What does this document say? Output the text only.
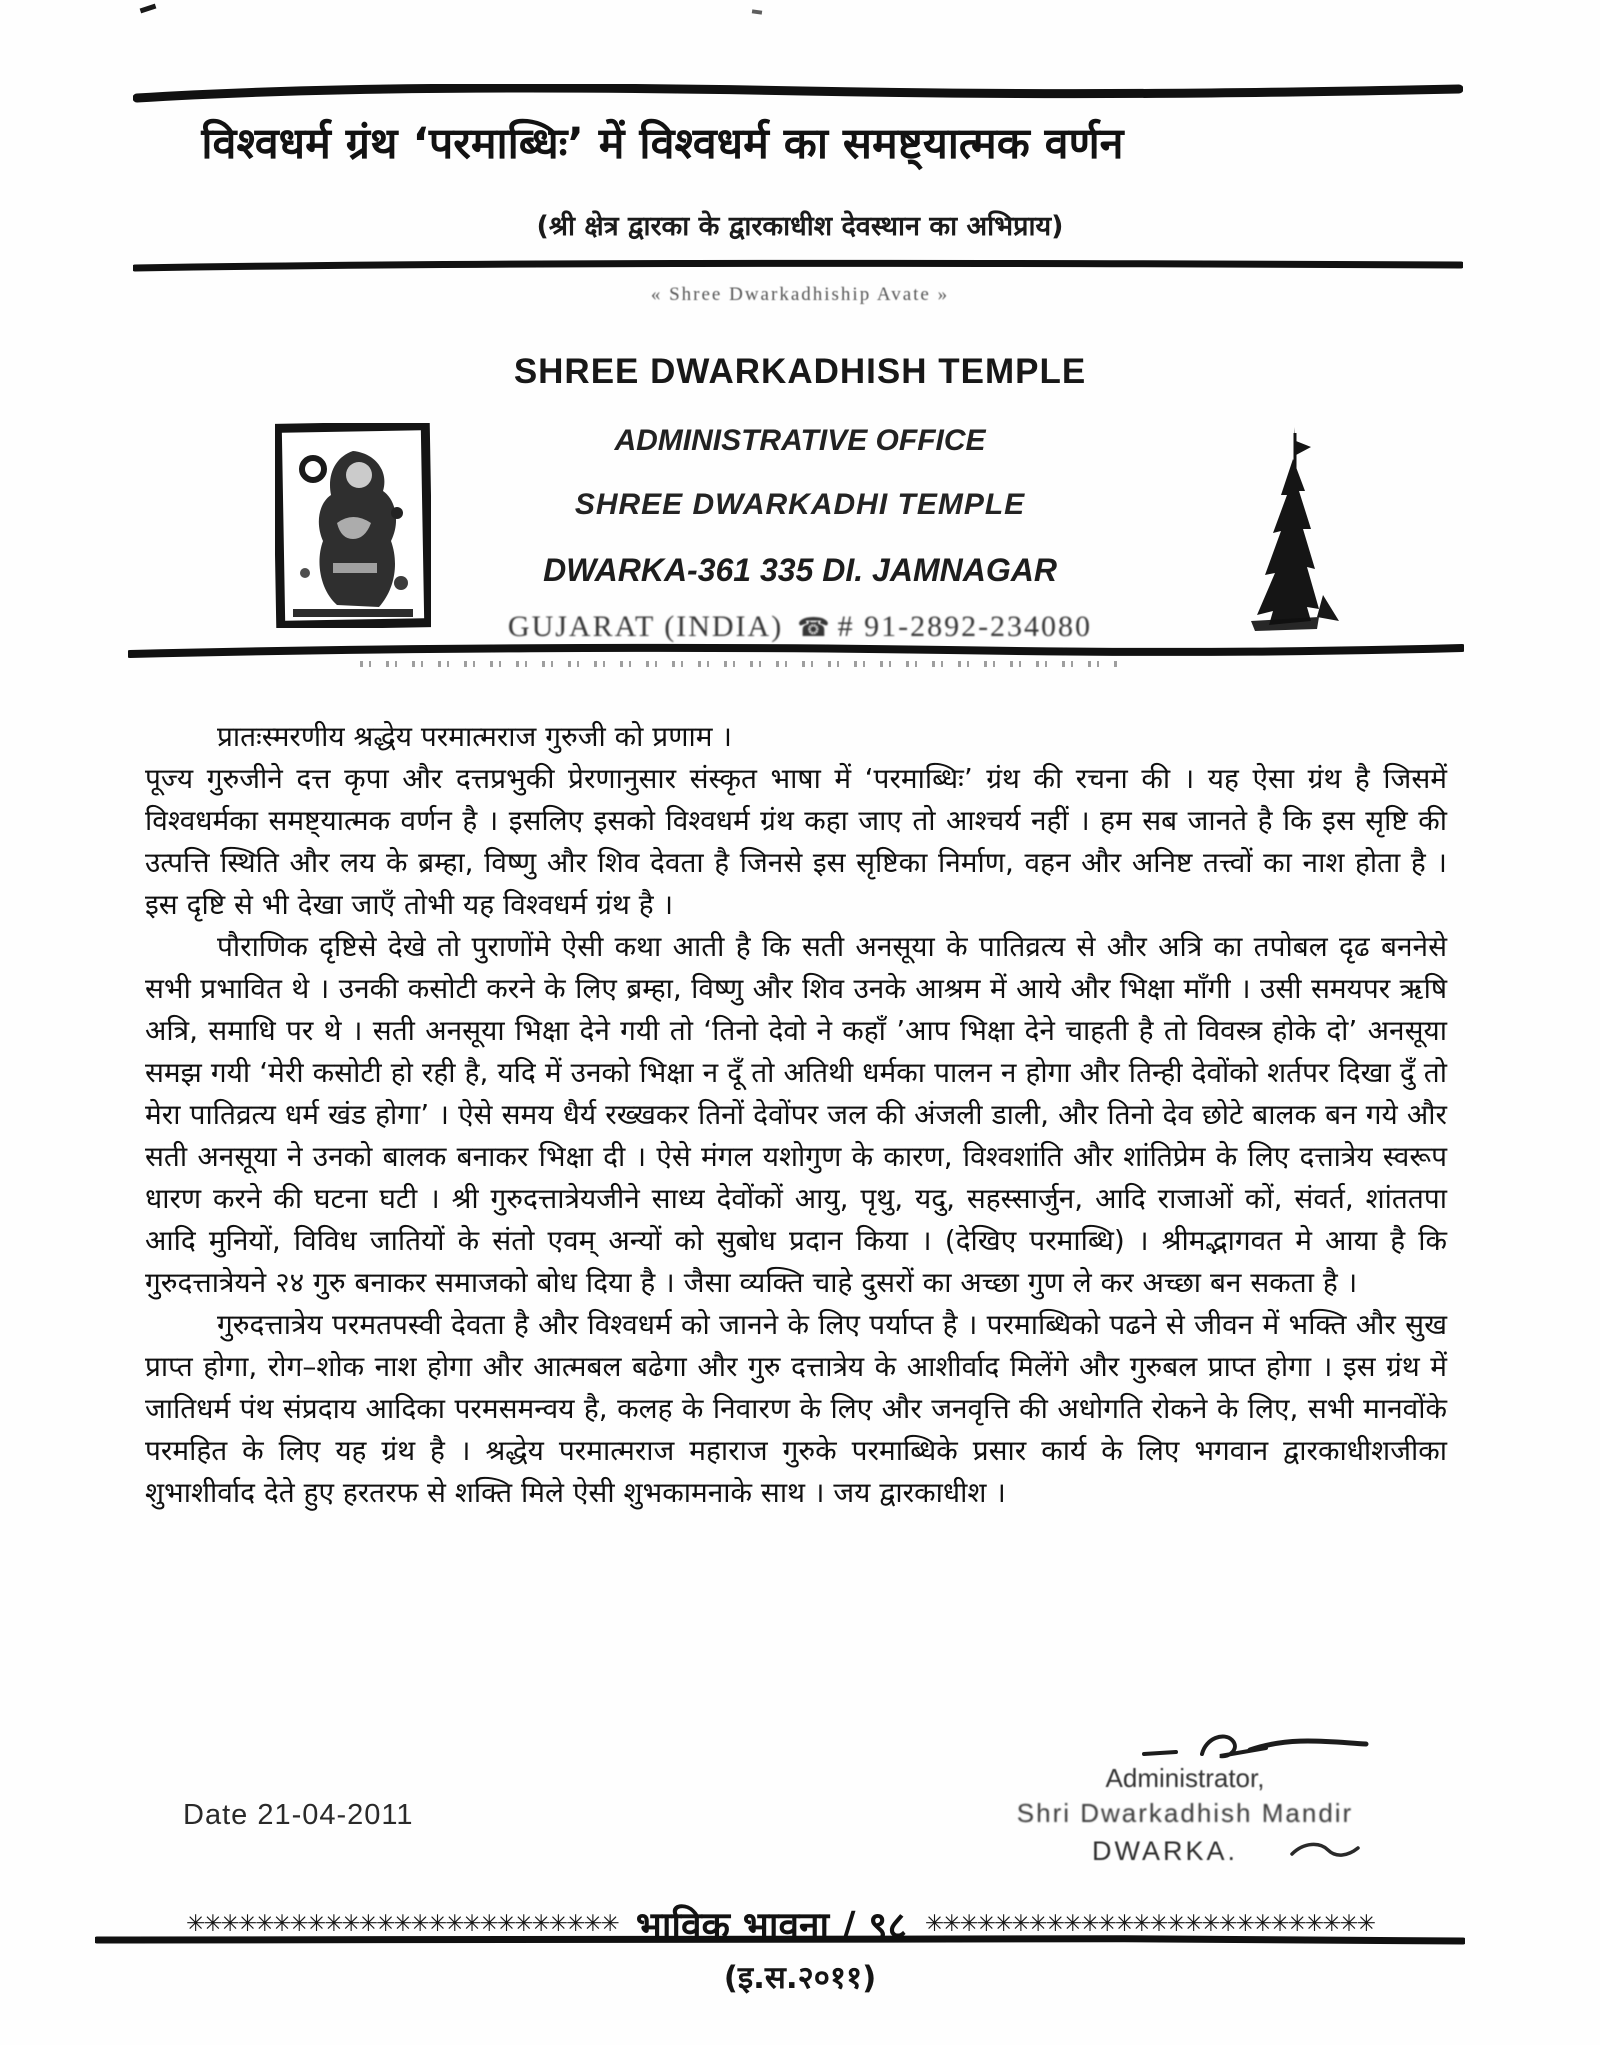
विश्वधर्म ग्रंथ ‘परमाब्धिः’ में विश्वधर्म का समष्ट्यात्मक वर्णन
(श्री क्षेत्र द्वारका के द्वारकाधीश देवस्थान का अभिप्राय)
« Shree Dwarkadhiship Avate »
SHREE DWARKADHISH TEMPLE
ADMINISTRATIVE OFFICE
SHREE DWARKADHI TEMPLE
DWARKA-361 335 DI. JAMNAGAR
GUJARAT (INDIA) ☎ # 91-2892-234080

प्रातःस्मरणीय श्रद्धेय परमात्मराज गुरुजी को प्रणाम ।

पूज्य गुरुजीने दत्त कृपा और दत्तप्रभुकी प्रेरणानुसार संस्कृत भाषा में ‘परमाब्धिः’ ग्रंथ की रचना की । यह ऐसा ग्रंथ है जिसमें विश्वधर्मका समष्ट्यात्मक वर्णन है । इसलिए इसको विश्वधर्म ग्रंथ कहा जाए तो आश्चर्य नहीं । हम सब जानते है कि इस सृष्टि की उत्पत्ति स्थिति और लय के ब्रम्हा, विष्णु और शिव देवता है जिनसे इस सृष्टिका निर्माण, वहन और अनिष्ट तत्त्वों का नाश होता है । इस दृष्टि से भी देखा जाएँ तोभी यह विश्वधर्म ग्रंथ है ।

पौराणिक दृष्टिसे देखे तो पुराणोंमे ऐसी कथा आती है कि सती अनसूया के पातिव्रत्य से और अत्रि का तपोबल दृढ बननेसे सभी प्रभावित थे । उनकी कसोटी करने के लिए ब्रम्हा, विष्णु और शिव उनके आश्रम में आये और भिक्षा माँगी । उसी समयपर ऋषि अत्रि, समाधि पर थे । सती अनसूया भिक्षा देने गयी तो ‘तिनो देवो ने कहाँ ’आप भिक्षा देने चाहती है तो विवस्त्र होके दो’ अनसूया समझ गयी ‘मेरी कसोटी हो रही है, यदि में उनको भिक्षा न दूँ तो अतिथी धर्मका पालन न होगा और तिन्ही देवोंको शर्तपर दिखा दुँ तो मेरा पातिव्रत्य धर्म खंड होगा’ । ऐसे समय धैर्य रख्खकर तिनों देवोंपर जल की अंजली डाली, और तिनो देव छोटे बालक बन गये और सती अनसूया ने उनको बालक बनाकर भिक्षा दी । ऐसे मंगल यशोगुण के कारण, विश्वशांति और शांतिप्रेम के लिए दत्तात्रेय स्वरूप धारण करने की घटना घटी । श्री गुरुदत्तात्रेयजीने साध्य देवोंकों आयु, पृथु, यदु, सहस्सार्जुन, आदि राजाओं कों, संवर्त, शांततपा आदि मुनियों, विविध जातियों के संतो एवम् अन्यों को सुबोध प्रदान किया । (देखिए परमाब्धि) । श्रीमद्भागवत मे आया है कि गुरुदत्तात्रेयने २४ गुरु बनाकर समाजको बोध दिया है । जैसा व्यक्ति चाहे दुसरों का अच्छा गुण ले कर अच्छा बन सकता है ।

गुरुदत्तात्रेय परमतपस्वी देवता है और विश्वधर्म को जानने के लिए पर्याप्त है । परमाब्धिको पढने से जीवन में भक्ति और सुख प्राप्त होगा, रोग–शोक नाश होगा और आत्मबल बढेगा और गुरु दत्तात्रेय के आशीर्वाद मिलेंगे और गुरुबल प्राप्त होगा । इस ग्रंथ में जातिधर्म पंथ संप्रदाय आदिका परमसमन्वय है, कलह के निवारण के लिए और जनवृत्ति की अधोगति रोकने के लिए, सभी मानवोंके परमहित के लिए यह ग्रंथ है । श्रद्धेय परमात्मराज महाराज गुरुके परमाब्धिके प्रसार कार्य के लिए भगवान द्वारकाधीशजीका शुभाशीर्वाद देते हुए हरतरफ से शक्ति मिले ऐसी शुभकामनाके साथ । जय द्वारकाधीश ।

Date 21-04-2011
Administrator,
Shri Dwarkadhish Mandir
DWARKA.
✳✳✳✳✳✳✳✳✳✳✳✳✳✳✳✳✳✳✳✳✳✳✳✳✳ भाविक भावना / ९८ ✳✳✳✳✳✳✳✳✳✳✳✳✳✳✳✳✳✳✳✳✳✳✳✳✳✳
(इ.स.२०११)
